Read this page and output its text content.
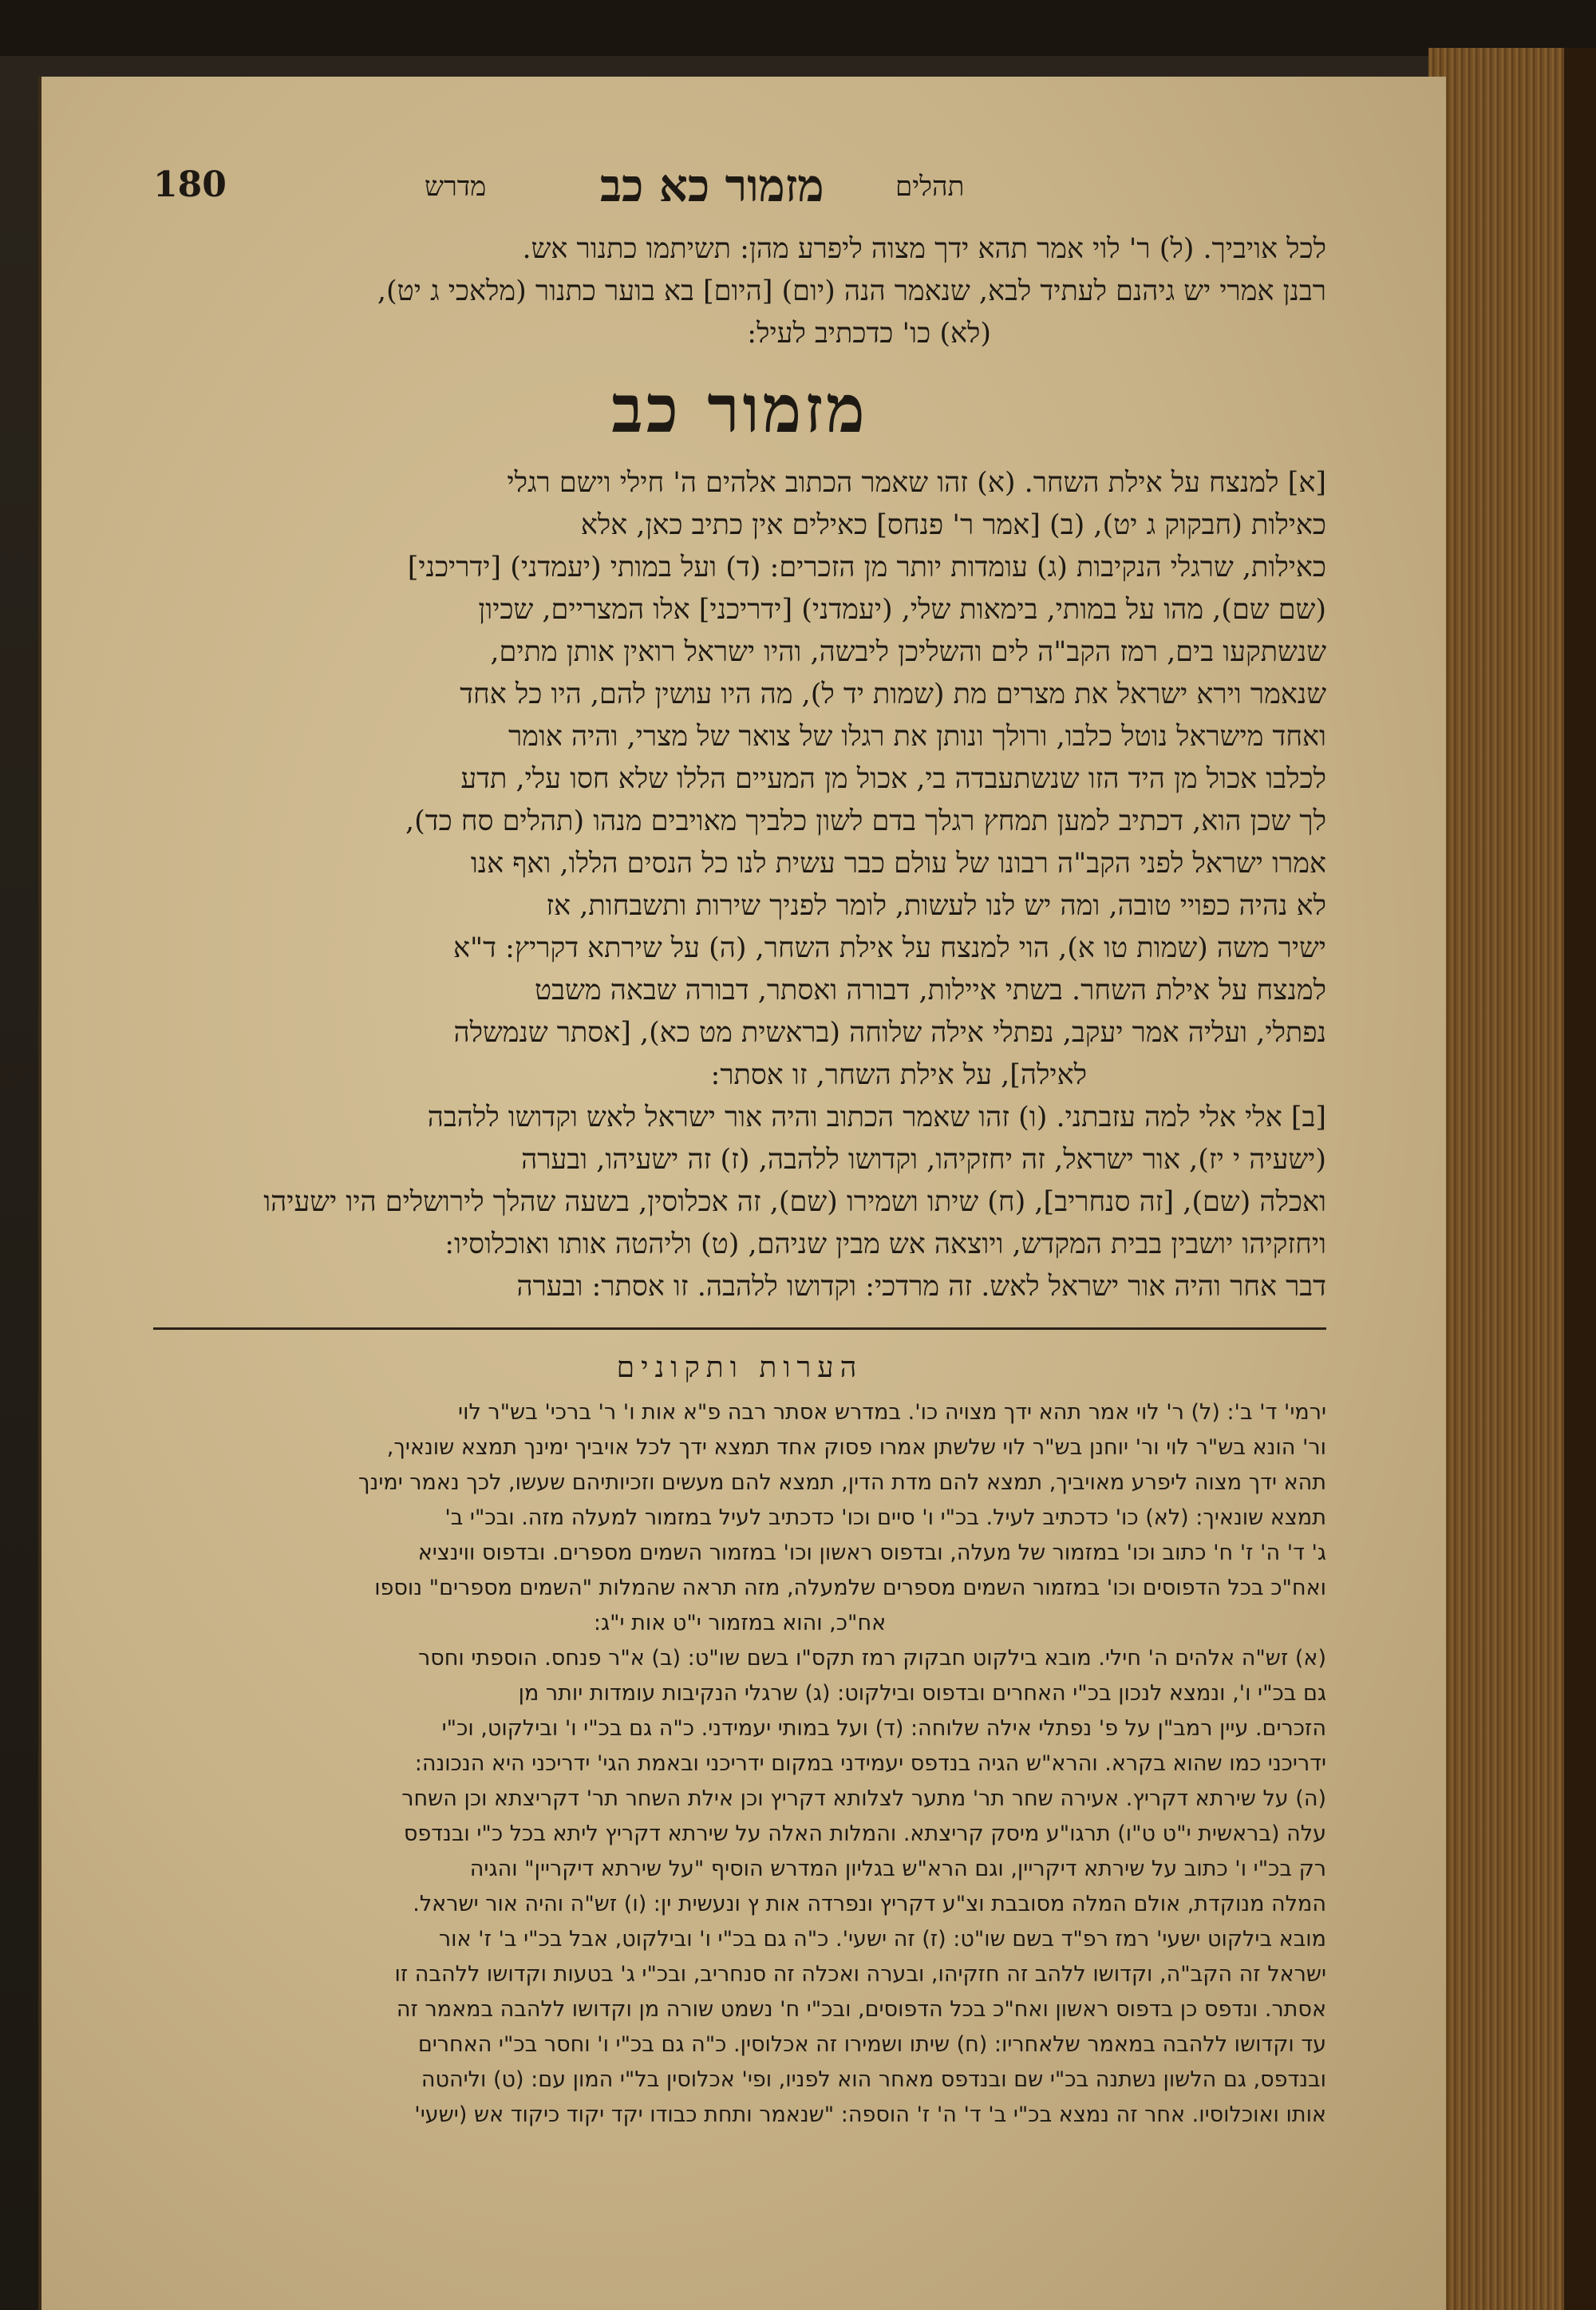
תהלים
מזמור כא כב
מדרש
180
לכל אויביך. (ל) ר' לוי אמר תהא ידך מצוה ליפרע מהן: תשיתמו כתנור אש.
רבנן אמרי יש גיהנם לעתיד לבא, שנאמר הנה (יום) [היום] בא בוער כתנור (מלאכי ג יט),
(לא) כו' כדכתיב לעיל:
מזמור כב
[א] למנצח על אילת השחר. (א) זהו שאמר הכתוב אלהים ה' חילי וישם רגלי
כאילות (חבקוק ג יט), (ב) [אמר ר' פנחס] כאילים אין כתיב כאן, אלא
כאילות, שרגלי הנקיבות (ג) עומדות יותר מן הזכרים: (ד) ועל במותי (יעמדני) [ידריכני]
(שם שם), מהו על במותי, בימאות שלי, (יעמדני) [ידריכני] אלו המצריים, שכיון
שנשתקעו בים, רמז הקב"ה לים והשליכן ליבשה, והיו ישראל רואין אותן מתים,
שנאמר וירא ישראל את מצרים מת (שמות יד ל), מה היו עושין להם, היו כל אחד
ואחד מישראל נוטל כלבו, ורולך ונותן את רגלו של צואר של מצרי, והיה אומר
לכלבו אכול מן היד הזו שנשתעבדה בי, אכול מן המעיים הללו שלא חסו עלי, תדע
לך שכן הוא, דכתיב למען תמחץ רגלך בדם לשון כלביך מאויבים מנהו (תהלים סח כד),
אמרו ישראל לפני הקב"ה רבונו של עולם כבר עשית לנו כל הנסים הללו, ואף אנו
לא נהיה כפויי טובה, ומה יש לנו לעשות, לומר לפניך שירות ותשבחות, אז
ישיר משה (שמות טו א), הוי למנצח על אילת השחר, (ה) על שירתא דקריץ: ד"א
למנצח על אילת השחר. בשתי איילות, דבורה ואסתר, דבורה שבאה משבט
נפתלי, ועליה אמר יעקב, נפתלי אילה שלוחה (בראשית מט כא), [אסתר שנמשלה
לאילה], על אילת השחר, זו אסתר:
[ב] אלי אלי למה עזבתני. (ו) זהו שאמר הכתוב והיה אור ישראל לאש וקדושו ללהבה
(ישעיה י יז), אור ישראל, זה יחזקיהו, וקדושו ללהבה, (ז) זה ישעיהו, ובערה
ואכלה (שם), [זה סנחריב], (ח) שיתו ושמירו (שם), זה אכלוסין, בשעה שהלך לירושלים היו ישעיהו
ויחזקיהו יושבין בבית המקדש, ויוצאה אש מבין שניהם, (ט) וליהטה אותו ואוכלוסיו:
דבר אחר והיה אור ישראל לאש. זה מרדכי: וקדושו ללהבה. זו אסתר: ובערה
הערות ותקונים
ירמי' ד' ב': (ל) ר' לוי אמר תהא ידך מצויה כו'. במדרש אסתר רבה פ"א אות ו' ר' ברכי' בש"ר לוי
ור' הונא בש"ר לוי ור' יוחנן בש"ר לוי שלשתן אמרו פסוק אחד תמצא ידך לכל אויביך ימינך תמצא שונאיך,
תהא ידך מצוה ליפרע מאויביך, תמצא להם מדת הדין, תמצא להם מעשים וזכיותיהם שעשו, לכך נאמר ימינך
תמצא שונאיך: (לא) כו' כדכתיב לעיל. בכ"י ו' סיים וכו' כדכתיב לעיל במזמור למעלה מזה. ובכ"י ב'
ג' ד' ה' ז' ח' כתוב וכו' במזמור של מעלה, ובדפוס ראשון וכו' במזמור השמים מספרים. ובדפוס ווינציא
ואח"כ בכל הדפוסים וכו' במזמור השמים מספרים שלמעלה, מזה תראה שהמלות "השמים מספרים" נוספו
אח"כ, והוא במזמור י"ט אות י"ג:
(א) זש"ה אלהים ה' חילי. מובא בילקוט חבקוק רמז תקס"ו בשם שו"ט: (ב) א"ר פנחס. הוספתי וחסר
גם בכ"י ו', ונמצא לנכון בכ"י האחרים ובדפוס ובילקוט: (ג) שרגלי הנקיבות עומדות יותר מן
הזכרים. עיין רמב"ן על פ' נפתלי אילה שלוחה: (ד) ועל במותי יעמידני. כ"ה גם בכ"י ו' ובילקוט, וכ"י
ידריכני כמו שהוא בקרא. והרא"ש הגיה בנדפס יעמידני במקום ידריכני ובאמת הגי' ידריכני היא הנכונה:
(ה) על שירתא דקריץ. אעירה שחר תר' מתער לצלותא דקריץ וכן אילת השחר תר' דקריצתא וכן השחר
עלה (בראשית י"ט ט"ו) תרגו"ע מיסק קריצתא. והמלות האלה על שירתא דקריץ ליתא בכל כ"י ובנדפס
רק בכ"י ו' כתוב על שירתא דיקריין, וגם הרא"ש בגליון המדרש הוסיף "על שירתא דיקריין" והגיה
המלה מנוקדת, אולם המלה מסובבת וצ"ע דקריץ ונפרדה אות ץ ונעשית ין: (ו) זש"ה והיה אור ישראל.
מובא בילקוט ישעי' רמז רפ"ד בשם שו"ט: (ז) זה ישעי'. כ"ה גם בכ"י ו' ובילקוט, אבל בכ"י ב' ז' אור
ישראל זה הקב"ה, וקדושו ללהב זה חזקיהו, ובערה ואכלה זה סנחריב, ובכ"י ג' בטעות וקדושו ללהבה זו
אסתר. ונדפס כן בדפוס ראשון ואח"כ בכל הדפוסים, ובכ"י ח' נשמט שורה מן וקדושו ללהבה במאמר זה
עד וקדושו ללהבה במאמר שלאחריו: (ח) שיתו ושמירו זה אכלוסין. כ"ה גם בכ"י ו' וחסר בכ"י האחרים
ובנדפס, גם הלשון נשתנה בכ"י שם ובנדפס מאחר הוא לפניו, ופי' אכלוסין בל"י המון עם: (ט) וליהטה
אותו ואוכלוסיו. אחר זה נמצא בכ"י ב' ד' ה' ז' הוספה: "שנאמר ותחת כבודו יקד יקוד כיקוד אש (ישעי'
